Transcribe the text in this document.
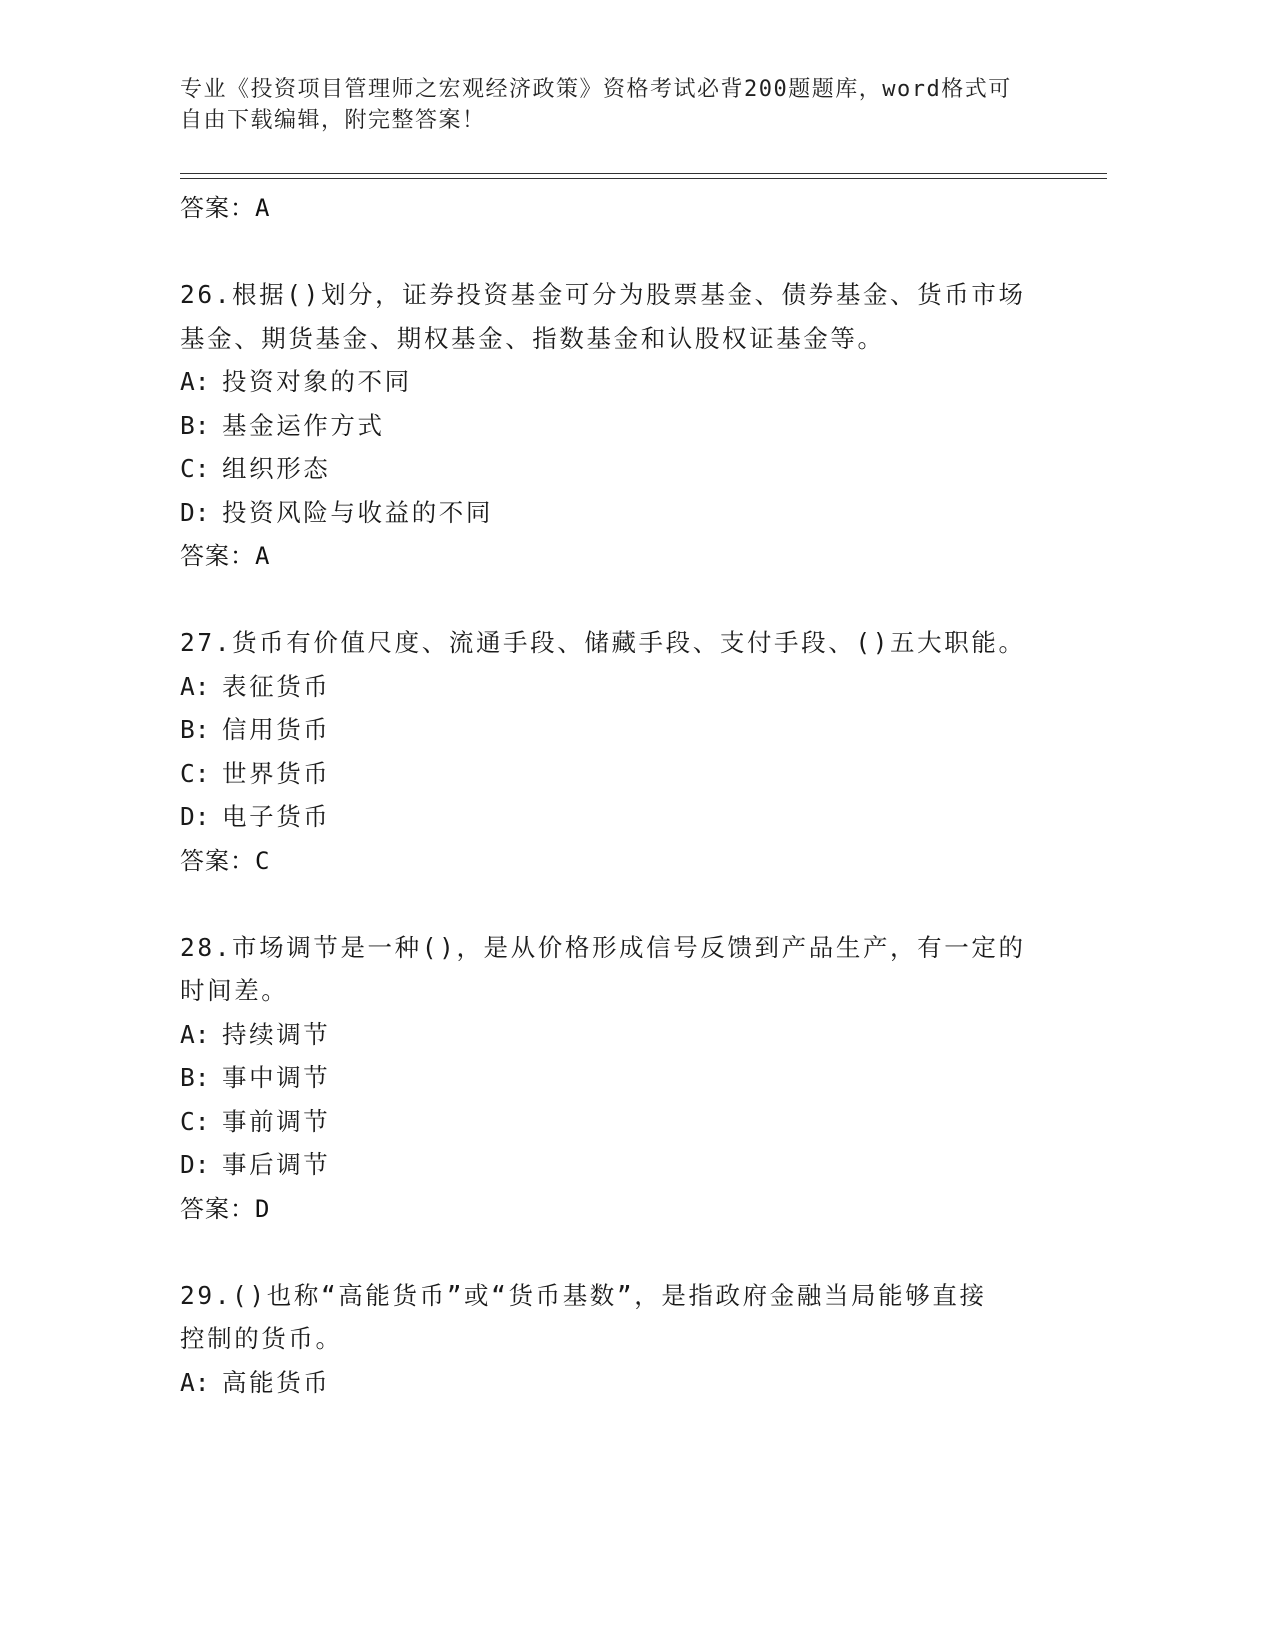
专业《投资项目管理师之宏观经济政策》资格考试必背200题题库，word格式可
自由下载编辑，附完整答案！
答案：A
26.根据()划分，证券投资基金可分为股票基金、债券基金、货币市场
基金、期货基金、期权基金、指数基金和认股权证基金等。
A: 投资对象的不同
B: 基金运作方式
C: 组织形态
D: 投资风险与收益的不同
答案：A
27.货币有价值尺度、流通手段、储藏手段、支付手段、()五大职能。
A: 表征货币
B: 信用货币
C: 世界货币
D: 电子货币
答案：C
28.市场调节是一种()，是从价格形成信号反馈到产品生产，有一定的
时间差。
A: 持续调节
B: 事中调节
C: 事前调节
D: 事后调节
答案：D
29.()也称“高能货币”或“货币基数”，是指政府金融当局能够直接
控制的货币。
A: 高能货币
